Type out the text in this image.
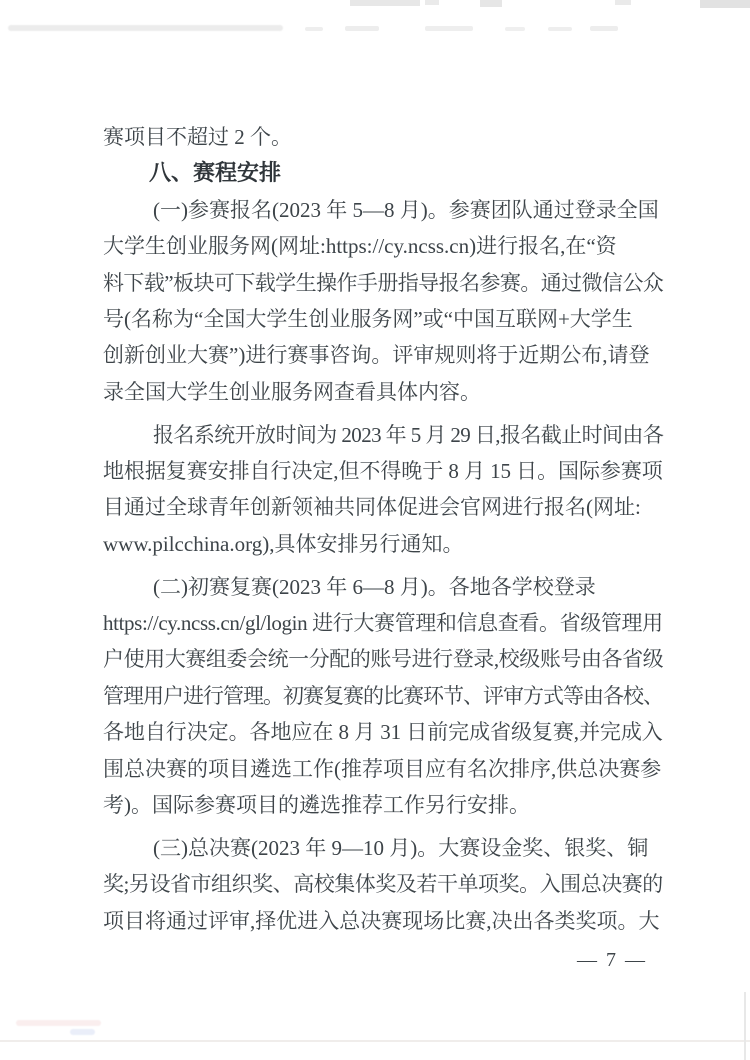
赛项目不超过 2 个。
八、赛程安排
(一)参赛报名(2023 年 5—8 月)。参赛团队通过登录全国
大学生创业服务网(网址:https://cy.ncss.cn)进行报名,在“资
料下载”板块可下载学生操作手册指导报名参赛。通过微信公众
号(名称为“全国大学生创业服务网”或“中国互联网+大学生
创新创业大赛”)进行赛事咨询。评审规则将于近期公布,请登
录全国大学生创业服务网查看具体内容。
报名系统开放时间为 2023 年 5 月 29 日,报名截止时间由各
地根据复赛安排自行决定,但不得晚于 8 月 15 日。国际参赛项
目通过全球青年创新领袖共同体促进会官网进行报名(网址:
www.pilcchina.org),具体安排另行通知。
(二)初赛复赛(2023 年 6—8 月)。各地各学校登录
https://cy.ncss.cn/gl/login 进行大赛管理和信息查看。省级管理用
户使用大赛组委会统一分配的账号进行登录,校级账号由各省级
管理用户进行管理。初赛复赛的比赛环节、评审方式等由各校、
各地自行决定。各地应在 8 月 31 日前完成省级复赛,并完成入
围总决赛的项目遴选工作(推荐项目应有名次排序,供总决赛参
考)。国际参赛项目的遴选推荐工作另行安排。
(三)总决赛(2023 年 9—10 月)。大赛设金奖、银奖、铜
奖;另设省市组织奖、高校集体奖及若干单项奖。入围总决赛的
项目将通过评审,择优进入总决赛现场比赛,决出各类奖项。大
— 7 —
